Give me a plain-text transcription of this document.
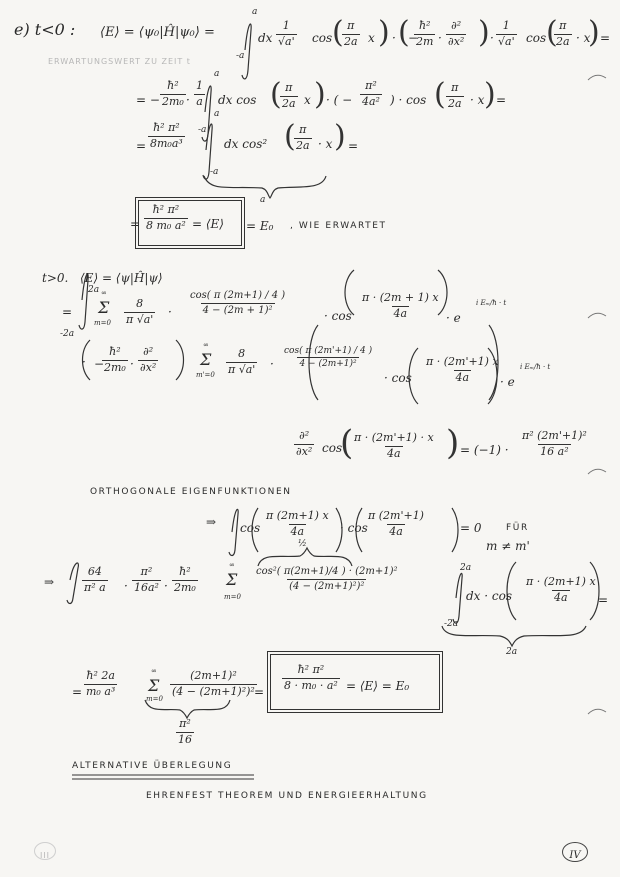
e) t<0 : ⟨E⟩ = ⟨ψ₀|Ĥ|ψ₀⟩ =
ERWARTUNGSWERT ZU ZEIT t
a
-a
dx $\frac{1}{√a'}$ cos (
$\frac{\pi}{2a}$ x ) · (
−
$\frac{\text{ħ²}}{2m}$ ·
∂²
∂x² ) · $\frac{1}{√a'}$ cos (
$\frac{\pi}{2a} \cdot x$
) =
= − $\frac{\text{ħ²}}{\text{2m₀}} \cdot \frac{1}{a}$
a
-a
dx cos (
$\frac{\pi}{2a}$ x ) · ( − $\frac{\text{π²}}{\text{4a²}}$ ) · cos ( $\frac{\pi}{2a} \cdot x$ ) =
= $\frac{\text{ħ² π²}}{\text{8m₀a³}}$
a
dx cos² (
$\frac{\pi}{2a} \cdot x$ ) =
-a
a
= $\frac{\text{ħ² π²}}{\text{8 m₀ a²}}$ = ⟨E⟩ = E₀ , WIE ERWARTET
t>0. ⟨E⟩ = ⟨ψ|Ĥ|ψ⟩
2a
-2a
= Σ
∞
$m=0 \frac{8}{\pi √a'} \cdot \frac{\cos( \pi (2m+1) / 4 )}{\text{4 − (2m + 1)²}}$	· $\cos \frac{\pi \cdot (2m + 1) x}{4a} \cdot e$
i Eₘ/ħ · t
· −
$\frac{\text{ħ²}}{\text{2m₀}}$ ·
∂²
∂x²	Σ
∞
$m'=0 \frac{8}{\pi √a'} \cdot \frac{\cos( \pi (2m'+1) / 4 )}{\text{4 − (2m+1)²}}$
· $\cos \frac{\pi \cdot (2m'+1) x}{4a} \cdot e$
i Eₘ/ħ · t
∂²
∂x² cos
(
$\frac{\pi \cdot (2m'+1) \cdot x}{4a}$ ) = $(-1) \cdot \frac{\text{π² (2m'+1)²}}{\text{16 a²}}$
ORTHOGONALE EIGENFUNKTIONEN
⇒ $\cos \frac{\pi (2m+1) x}{4a} \cdot \cos$
$\frac{\pi (2m'+1)}{4a}$	= 0	FÜR
m ≠ m'
⇒	$\frac{64}{\text{π² a}} \cdot \frac{\text{π²}}{\text{16a²}} \cdot \frac{\text{ħ²}}{\text{2m₀}}$ Σ
∞
m=0
$\frac{\text{cos²( π(2m+1)/4 ) · (2m+1)²}}{\text{(4 − (2m+1)²)²}}$
½
2a
-2a
dx · $\cos \frac{\pi \cdot (2m+1) x}{4a}$ =
2a
= $\frac{\text{ħ² 2a}}{\text{m₀ a³}}$ Σ
∞
m=0
$\frac{\text{(2m+1)²}}{\text{(4 − (2m+1)²)²}}$
=
$\frac{\text{π²}}{16}$
$\frac{\text{ħ² π²}}{\text{8 · m₀ · a²}}$ = ⟨E⟩ = E₀
ALTERNATIVE ÜBERLEGUNG
EHRENFEST THEOREM UND ENERGIEERHALTUNG
IV
III
